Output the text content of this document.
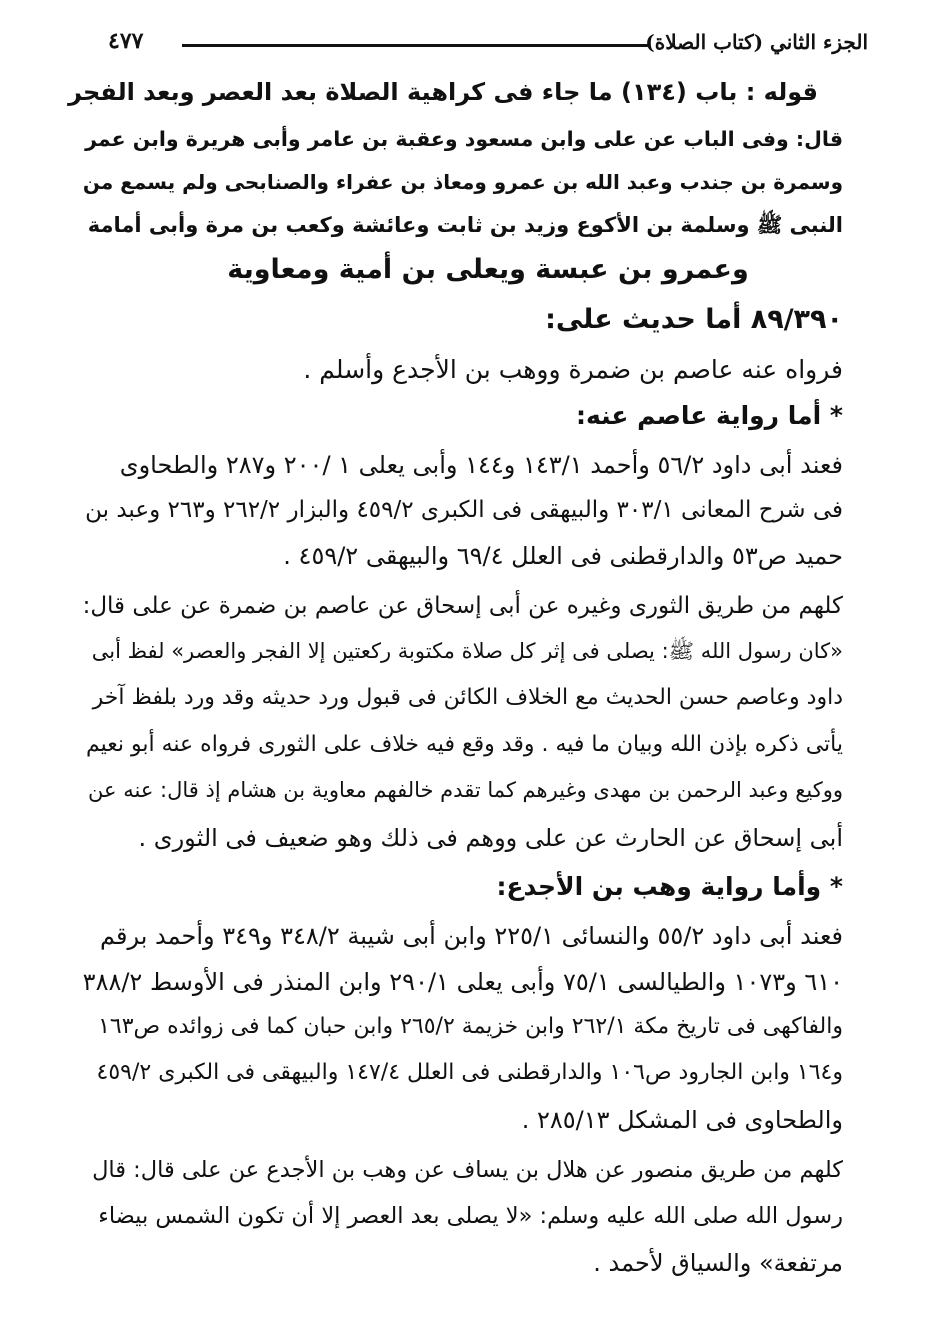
الجزء الثاني (كتاب الصلاة)
٤٧٧
قوله : باب (١٣٤) ما جاء فى كراهية الصلاة بعد العصر وبعد الفجر
قال: وفى الباب عن على وابن مسعود وعقبة بن عامر وأبى هريرة وابن عمر
وسمرة بن جندب وعبد الله بن عمرو ومعاذ بن عفراء والصنابحى ولم يسمع من
النبى ﷺ وسلمة بن الأكوع وزيد بن ثابت وعائشة وكعب بن مرة وأبى أمامة
وعمرو بن عبسة ويعلى بن أمية ومعاوية
٨٩/٣٩٠ أما حديث على:
فرواه عنه عاصم بن ضمرة ووهب بن الأجدع وأسلم .
* أما رواية عاصم عنه:
فعند أبى داود ٥٦/٢ وأحمد ١٤٣/١ و١٤٤ وأبى يعلى ١ /٢٠٠ و٢٨٧ والطحاوى
فى شرح المعانى ٣٠٣/١ والبيهقى فى الكبرى ٤٥٩/٢ والبزار ٢٦٢/٢ و٢٦٣ وعبد بن
حميد ص٥٣ والدارقطنى فى العلل ٦٩/٤ والبيهقى ٤٥٩/٢ .
كلهم من طريق الثورى وغيره عن أبى إسحاق عن عاصم بن ضمرة عن على قال:
«كان رسول الله ﷺ: يصلى فى إثر كل صلاة مكتوبة ركعتين إلا الفجر والعصر» لفظ أبى
داود وعاصم حسن الحديث مع الخلاف الكائن فى قبول ورد حديثه وقد ورد بلفظ آخر
يأتى ذكره بإذن الله وبيان ما فيه . وقد وقع فيه خلاف على الثورى فرواه عنه أبو نعيم
ووكيع وعبد الرحمن بن مهدى وغيرهم كما تقدم خالفهم معاوية بن هشام إذ قال: عنه عن
أبى إسحاق عن الحارث عن على ووهم فى ذلك وهو ضعيف فى الثورى .
* وأما رواية وهب بن الأجدع:
فعند أبى داود ٥٥/٢ والنسائى ٢٢٥/١ وابن أبى شيبة ٣٤٨/٢ و٣٤٩ وأحمد برقم
٦١٠ و١٠٧٣ والطيالسى ٧٥/١ وأبى يعلى ٢٩٠/١ وابن المنذر فى الأوسط ٣٨٨/٢
والفاكهى فى تاريخ مكة ٢٦٢/١ وابن خزيمة ٢٦٥/٢ وابن حبان كما فى زوائده ص١٦٣
و١٦٤ وابن الجارود ص١٠٦ والدارقطنى فى العلل ١٤٧/٤ والبيهقى فى الكبرى ٤٥٩/٢
والطحاوى فى المشكل ٢٨٥/١٣ .
كلهم من طريق منصور عن هلال بن يساف عن وهب بن الأجدع عن على قال: قال
رسول الله صلى الله عليه وسلم: «لا يصلى بعد العصر إلا أن تكون الشمس بيضاء
مرتفعة» والسياق لأحمد .
